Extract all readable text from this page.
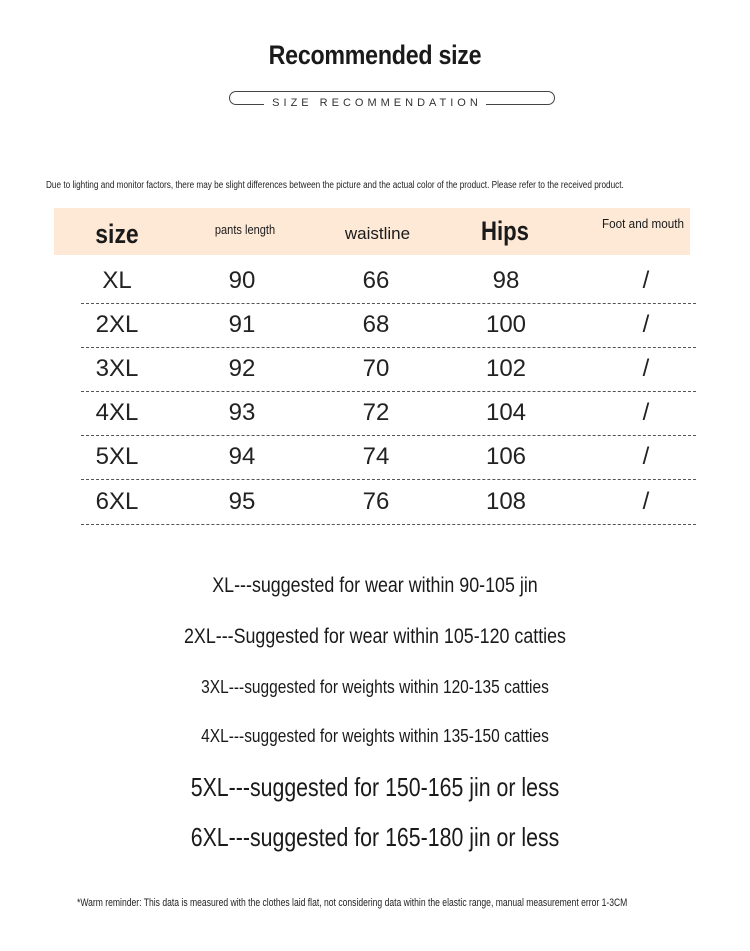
Recommended size
SIZE RECOMMENDATION
Due to lighting and monitor factors, there may be slight differences between the picture and the actual color of the product. Please refer to the received product.
size	pants length	waistline	Hips	Foot and mouth
XL	90	66	98	/
2XL	91	68	100	/
3XL	92	70	102	/
4XL	93	72	104	/
5XL	94	74	106	/
6XL	95	76	108	/
XL---suggested for wear within 90-105 jin
2XL---Suggested for wear within 105-120 catties
3XL---suggested for weights within 120-135 catties
4XL---suggested for weights within 135-150 catties
5XL---suggested for 150-165 jin or less
6XL---suggested for 165-180 jin or less
*Warm reminder: This data is measured with the clothes laid flat, not considering data within the elastic range, manual measurement error 1-3CM
